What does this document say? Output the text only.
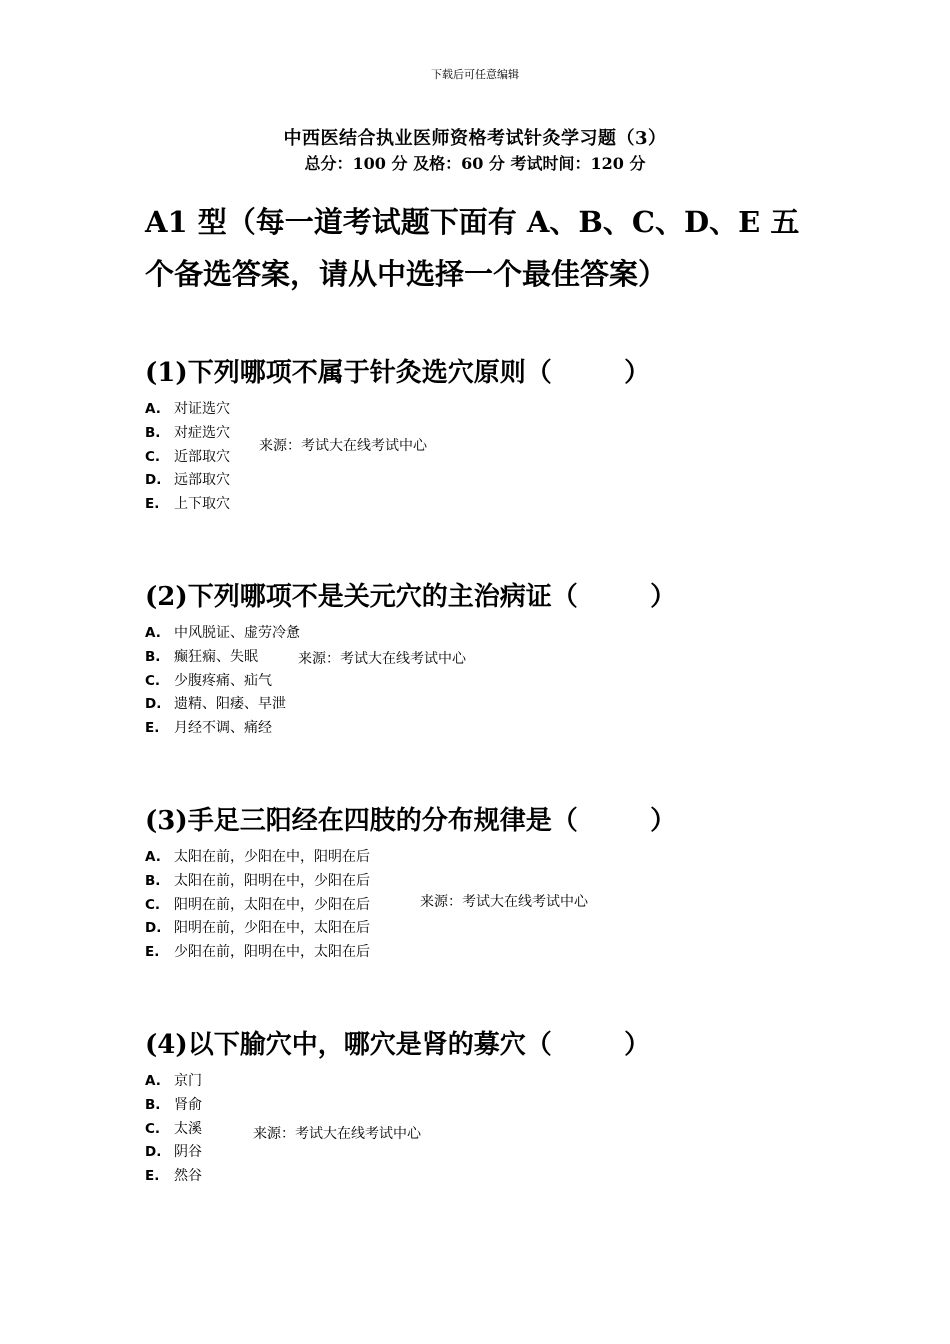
下载后可任意编辑
中西医结合执业医师资格考试针灸学习题（3）
总分：100 分 及格：60 分 考试时间：120 分
A1 型（每一道考试题下面有 A、B、C、D、E 五个备选答案，请从中选择一个最佳答案）
(1)下列哪项不属于针灸选穴原则（        ）
A. 对证选穴
B. 对症选穴
C. 近部取穴
D. 远部取穴
E. 上下取穴
来源：考试大在线考试中心
(2)下列哪项不是关元穴的主治病证（        ）
A. 中风脱证、虚劳冷惫
B. 癫狂痫、失眠
C. 少腹疼痛、疝气
D. 遗精、阳痿、早泄
E. 月经不调、痛经
来源：考试大在线考试中心
(3)手足三阳经在四肢的分布规律是（        ）
A. 太阳在前，少阳在中，阳明在后
B. 太阳在前，阳明在中，少阳在后
C. 阳明在前，太阳在中，少阳在后
D. 阳明在前，少阳在中，太阳在后
E. 少阳在前，阳明在中，太阳在后
来源：考试大在线考试中心
(4)以下腧穴中，哪穴是肾的募穴（        ）
A. 京门
B. 肾俞
C. 太溪
D. 阴谷
E. 然谷
来源：考试大在线考试中心
